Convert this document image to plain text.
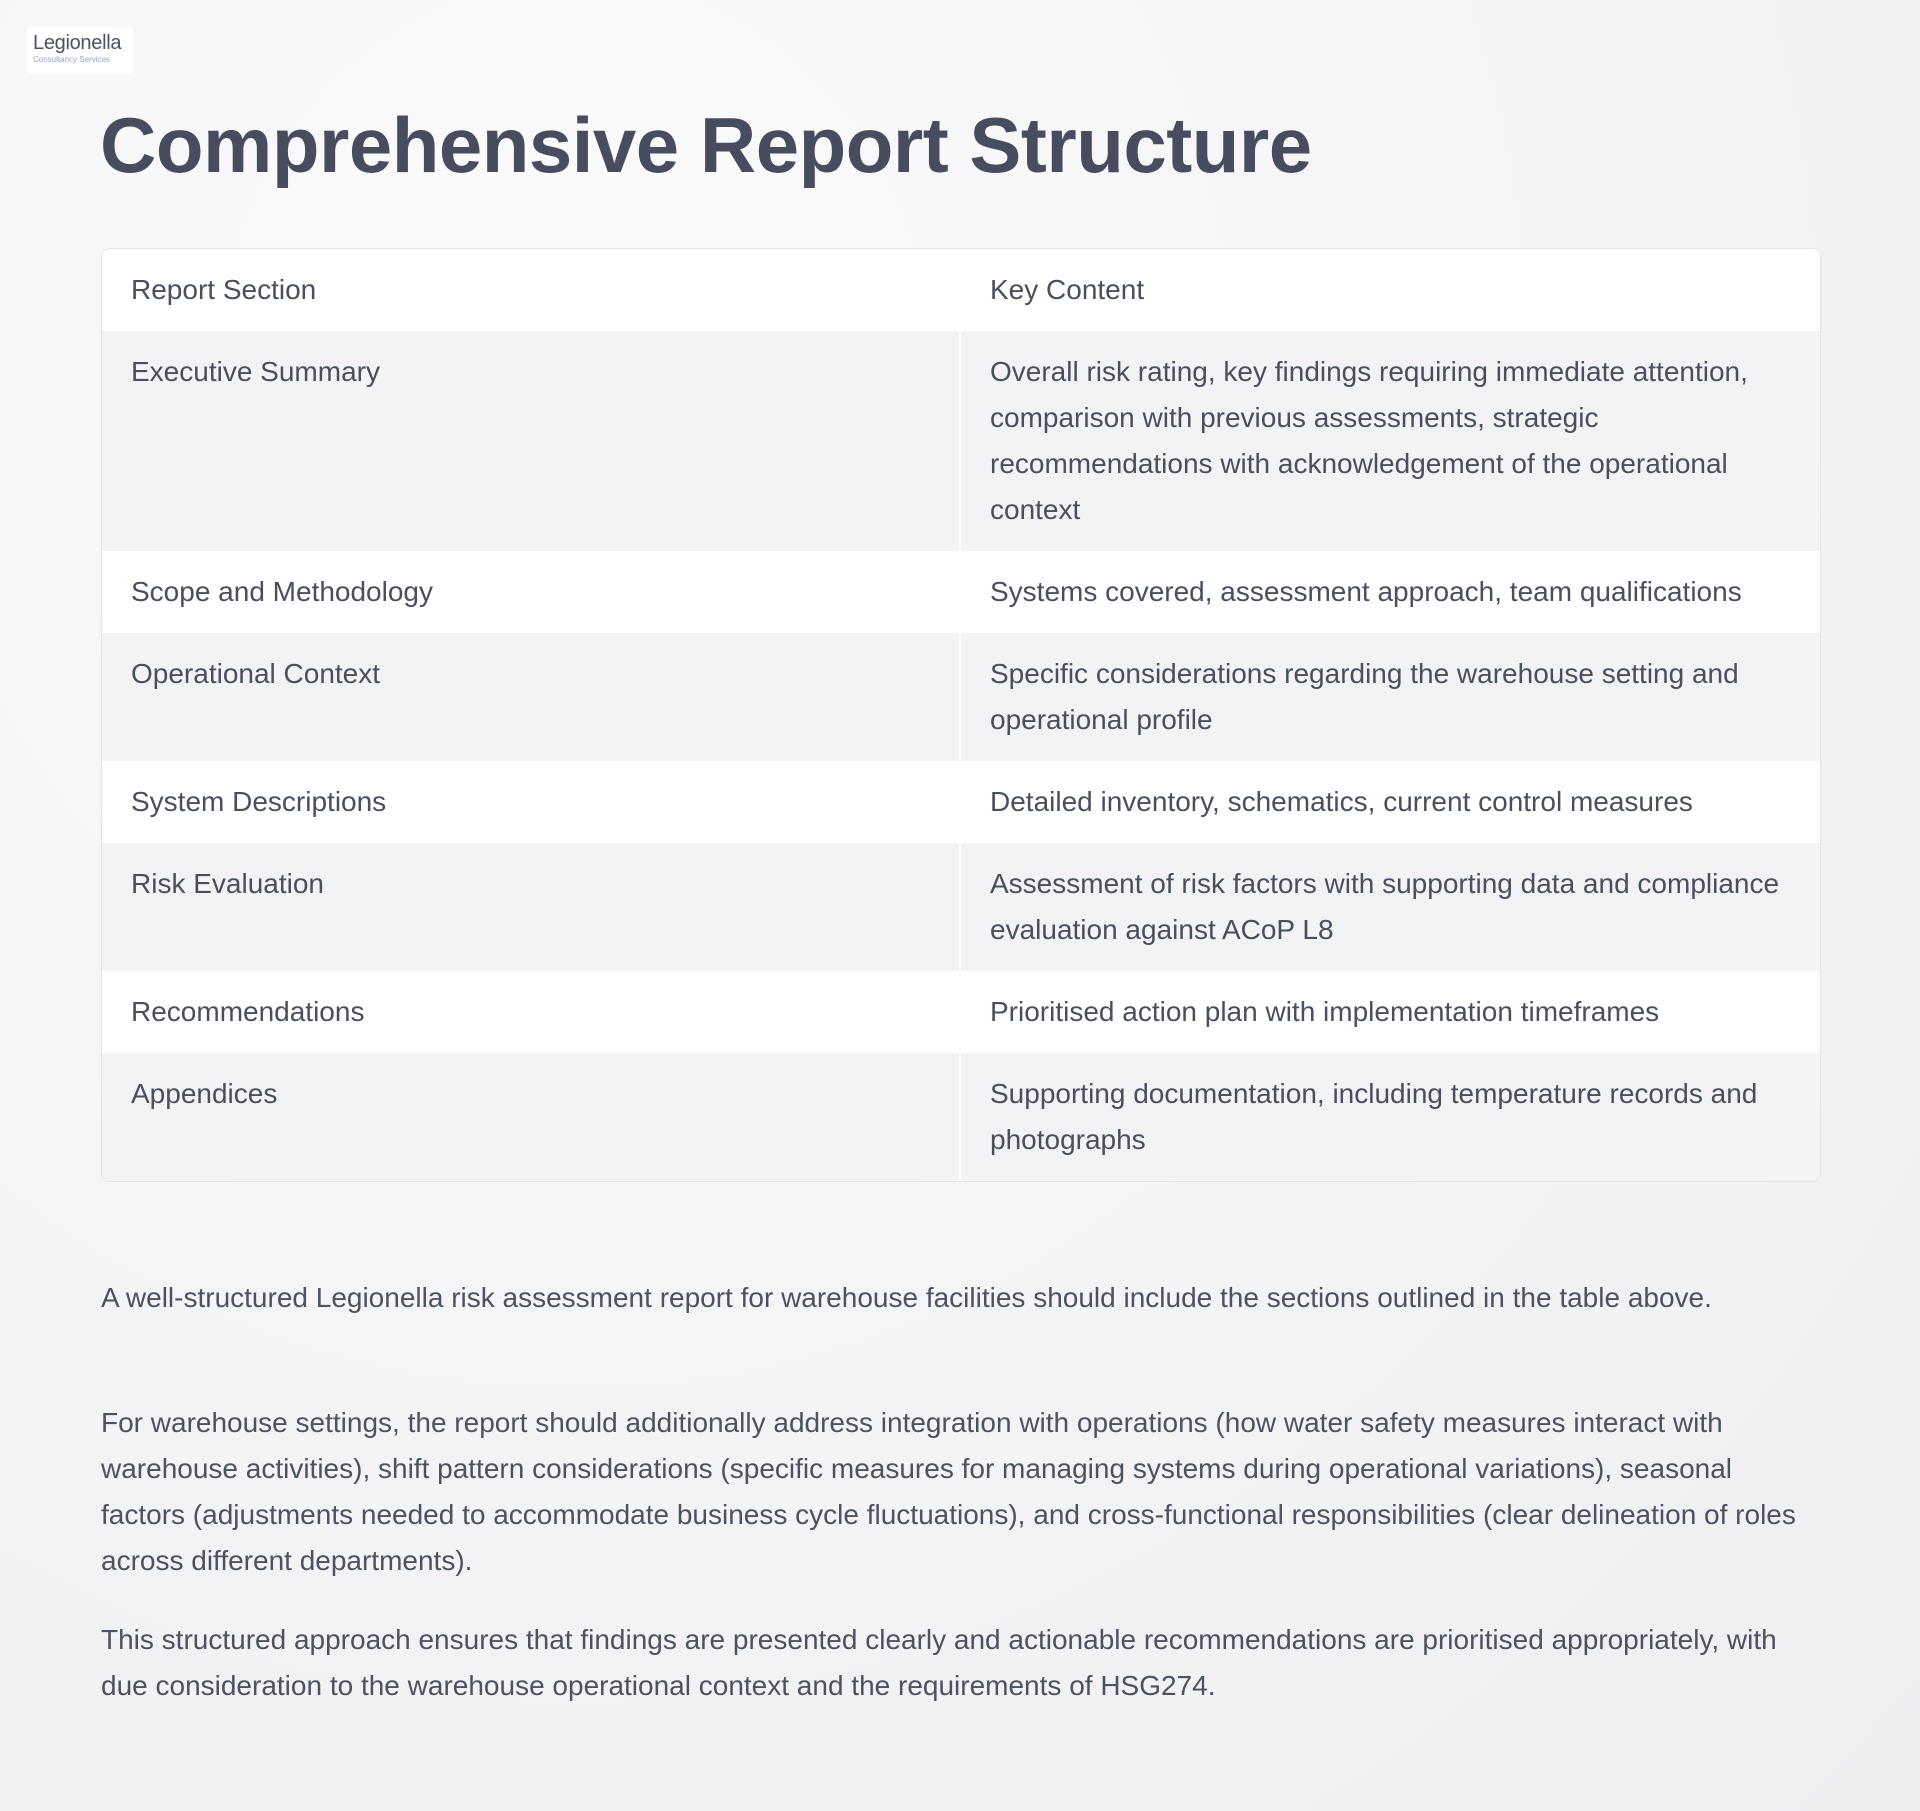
Legionella
Consultancy Services
Comprehensive Report Structure
Report Section	Key Content
Executive Summary	Overall risk rating, key findings requiring immediate attention, comparison with previous assessments, strategic recommendations with acknowledgement of the operational context
Scope and Methodology	Systems covered, assessment approach, team qualifications
Operational Context	Specific considerations regarding the warehouse setting and operational profile
System Descriptions	Detailed inventory, schematics, current control measures
Risk Evaluation	Assessment of risk factors with supporting data and compliance evaluation against ACoP L8
Recommendations	Prioritised action plan with implementation timeframes
Appendices	Supporting documentation, including temperature records and photographs

A well-structured Legionella risk assessment report for warehouse facilities should include the sections outlined in the table above.

For warehouse settings, the report should additionally address integration with operations (how water safety measures interact with warehouse activities), shift pattern considerations (specific measures for managing systems during operational variations), seasonal factors (adjustments needed to accommodate business cycle fluctuations), and cross-functional responsibilities (clear delineation of roles across different departments).

This structured approach ensures that findings are presented clearly and actionable recommendations are prioritised appropriately, with due consideration to the warehouse operational context and the requirements of HSG274.
